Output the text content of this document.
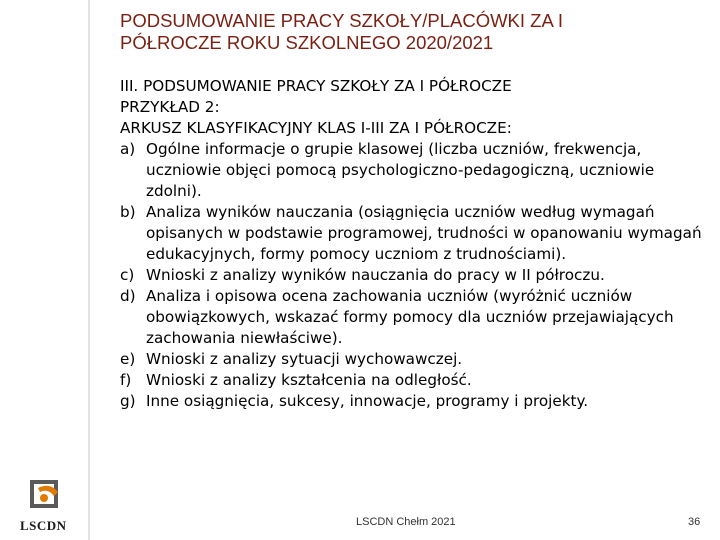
PODSUMOWANIE PRACY SZKOŁY/PLACÓWKI ZA I
PÓŁROCZE ROKU SZKOLNEGO 2020/2021
III. PODSUMOWANIE PRACY SZKOŁY ZA I PÓŁROCZE
PRZYKŁAD 2:
ARKUSZ KLASYFIKACYJNY KLAS I-III ZA I PÓŁROCZE:
a) Ogólne informacje o grupie klasowej (liczba uczniów, frekwencja, uczniowie objęci pomocą psychologiczno-pedagogiczną, uczniowie zdolni).
b) Analiza wyników nauczania (osiągnięcia uczniów według wymagań opisanych w podstawie programowej, trudności w opanowaniu wymagań edukacyjnych, formy pomocy uczniom z trudnościami).
c) Wnioski z analizy wyników nauczania do pracy w II półroczu.
d) Analiza i opisowa ocena zachowania uczniów (wyróżnić uczniów obowiązkowych, wskazać formy pomocy dla uczniów przejawiających zachowania niewłaściwe).
e) Wnioski z analizy sytuacji wychowawczej.
f) Wnioski z analizy kształcenia na odległość.
g) Inne osiągnięcia, sukcesy, innowacje, programy i projekty.
LSCDN	LSCDN Chełm 2021	36
